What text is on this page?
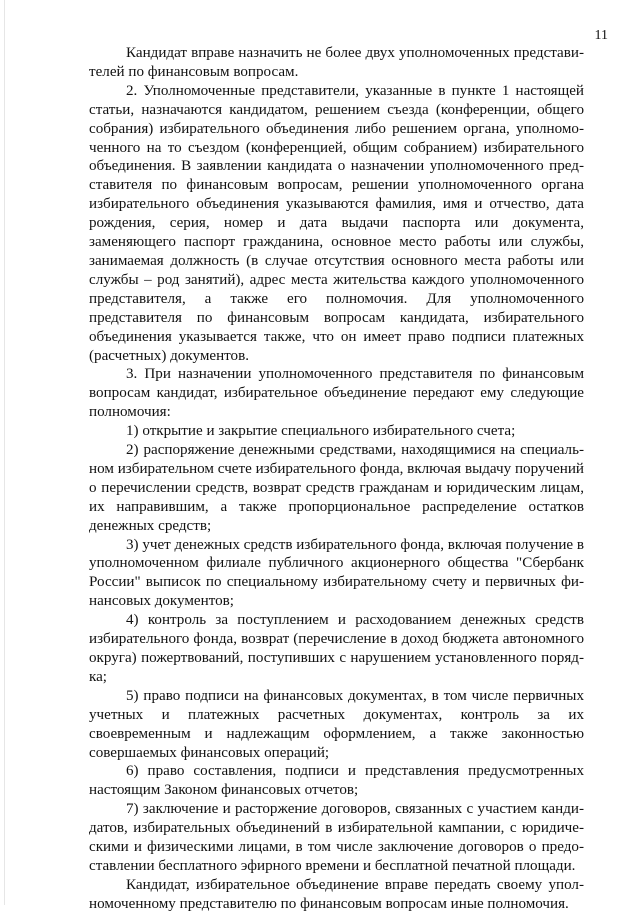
11

Кандидат вправе назначить не более двух уполномоченных представителей по финансовым вопросам.

2. Уполномоченные представители, указанные в пункте 1 настоящей статьи, назначаются кандидатом, решением съезда (конференции, общего собрания) избирательного объединения либо решением органа, уполномоченного на то съездом (конференцией, общим собранием) избирательного объединения. В заявлении кандидата о назначении уполномоченного представителя по финансовым вопросам, решении уполномоченного органа избирательного объединения указываются фамилия, имя и отчество, дата рождения, серия, номер и дата выдачи паспорта или документа, заменяющего паспорт гражданина, основное место работы или службы, занимаемая должность (в случае отсутствия основного места работы или службы – род занятий), адрес места жительства каждого уполномоченного представителя, а также его полномочия. Для уполномоченного представителя по финансовым вопросам кандидата, избирательного объединения указывается также, что он имеет право подписи платежных (расчетных) документов.

3. При назначении уполномоченного представителя по финансовым вопросам кандидат, избирательное объединение передают ему следующие полномочия:

1) открытие и закрытие специального избирательного счета;

2) распоряжение денежными средствами, находящимися на специальном избирательном счете избирательного фонда, включая выдачу поручений о перечислении средств, возврат средств гражданам и юридическим лицам, их направившим, а также пропорциональное распределение остатков денежных средств;

3) учет денежных средств избирательного фонда, включая получение в уполномоченном филиале публичного акционерного общества "Сбербанк России" выписок по специальному избирательному счету и первичных финансовых документов;

4) контроль за поступлением и расходованием денежных средств избирательного фонда, возврат (перечисление в доход бюджета автономного округа) пожертвований, поступивших с нарушением установленного порядка;

5) право подписи на финансовых документах, в том числе первичных учетных и платежных расчетных документах, контроль за их своевременным и надлежащим оформлением, а также законностью совершаемых финансовых операций;

6) право составления, подписи и представления предусмотренных настоящим Законом финансовых отчетов;

7) заключение и расторжение договоров, связанных с участием кандидатов, избирательных объединений в избирательной кампании, с юридическими и физическими лицами, в том числе заключение договоров о предоставлении бесплатного эфирного времени и бесплатной печатной площади.

Кандидат, избирательное объединение вправе передать своему уполномоченному представителю по финансовым вопросам иные полномочия.
